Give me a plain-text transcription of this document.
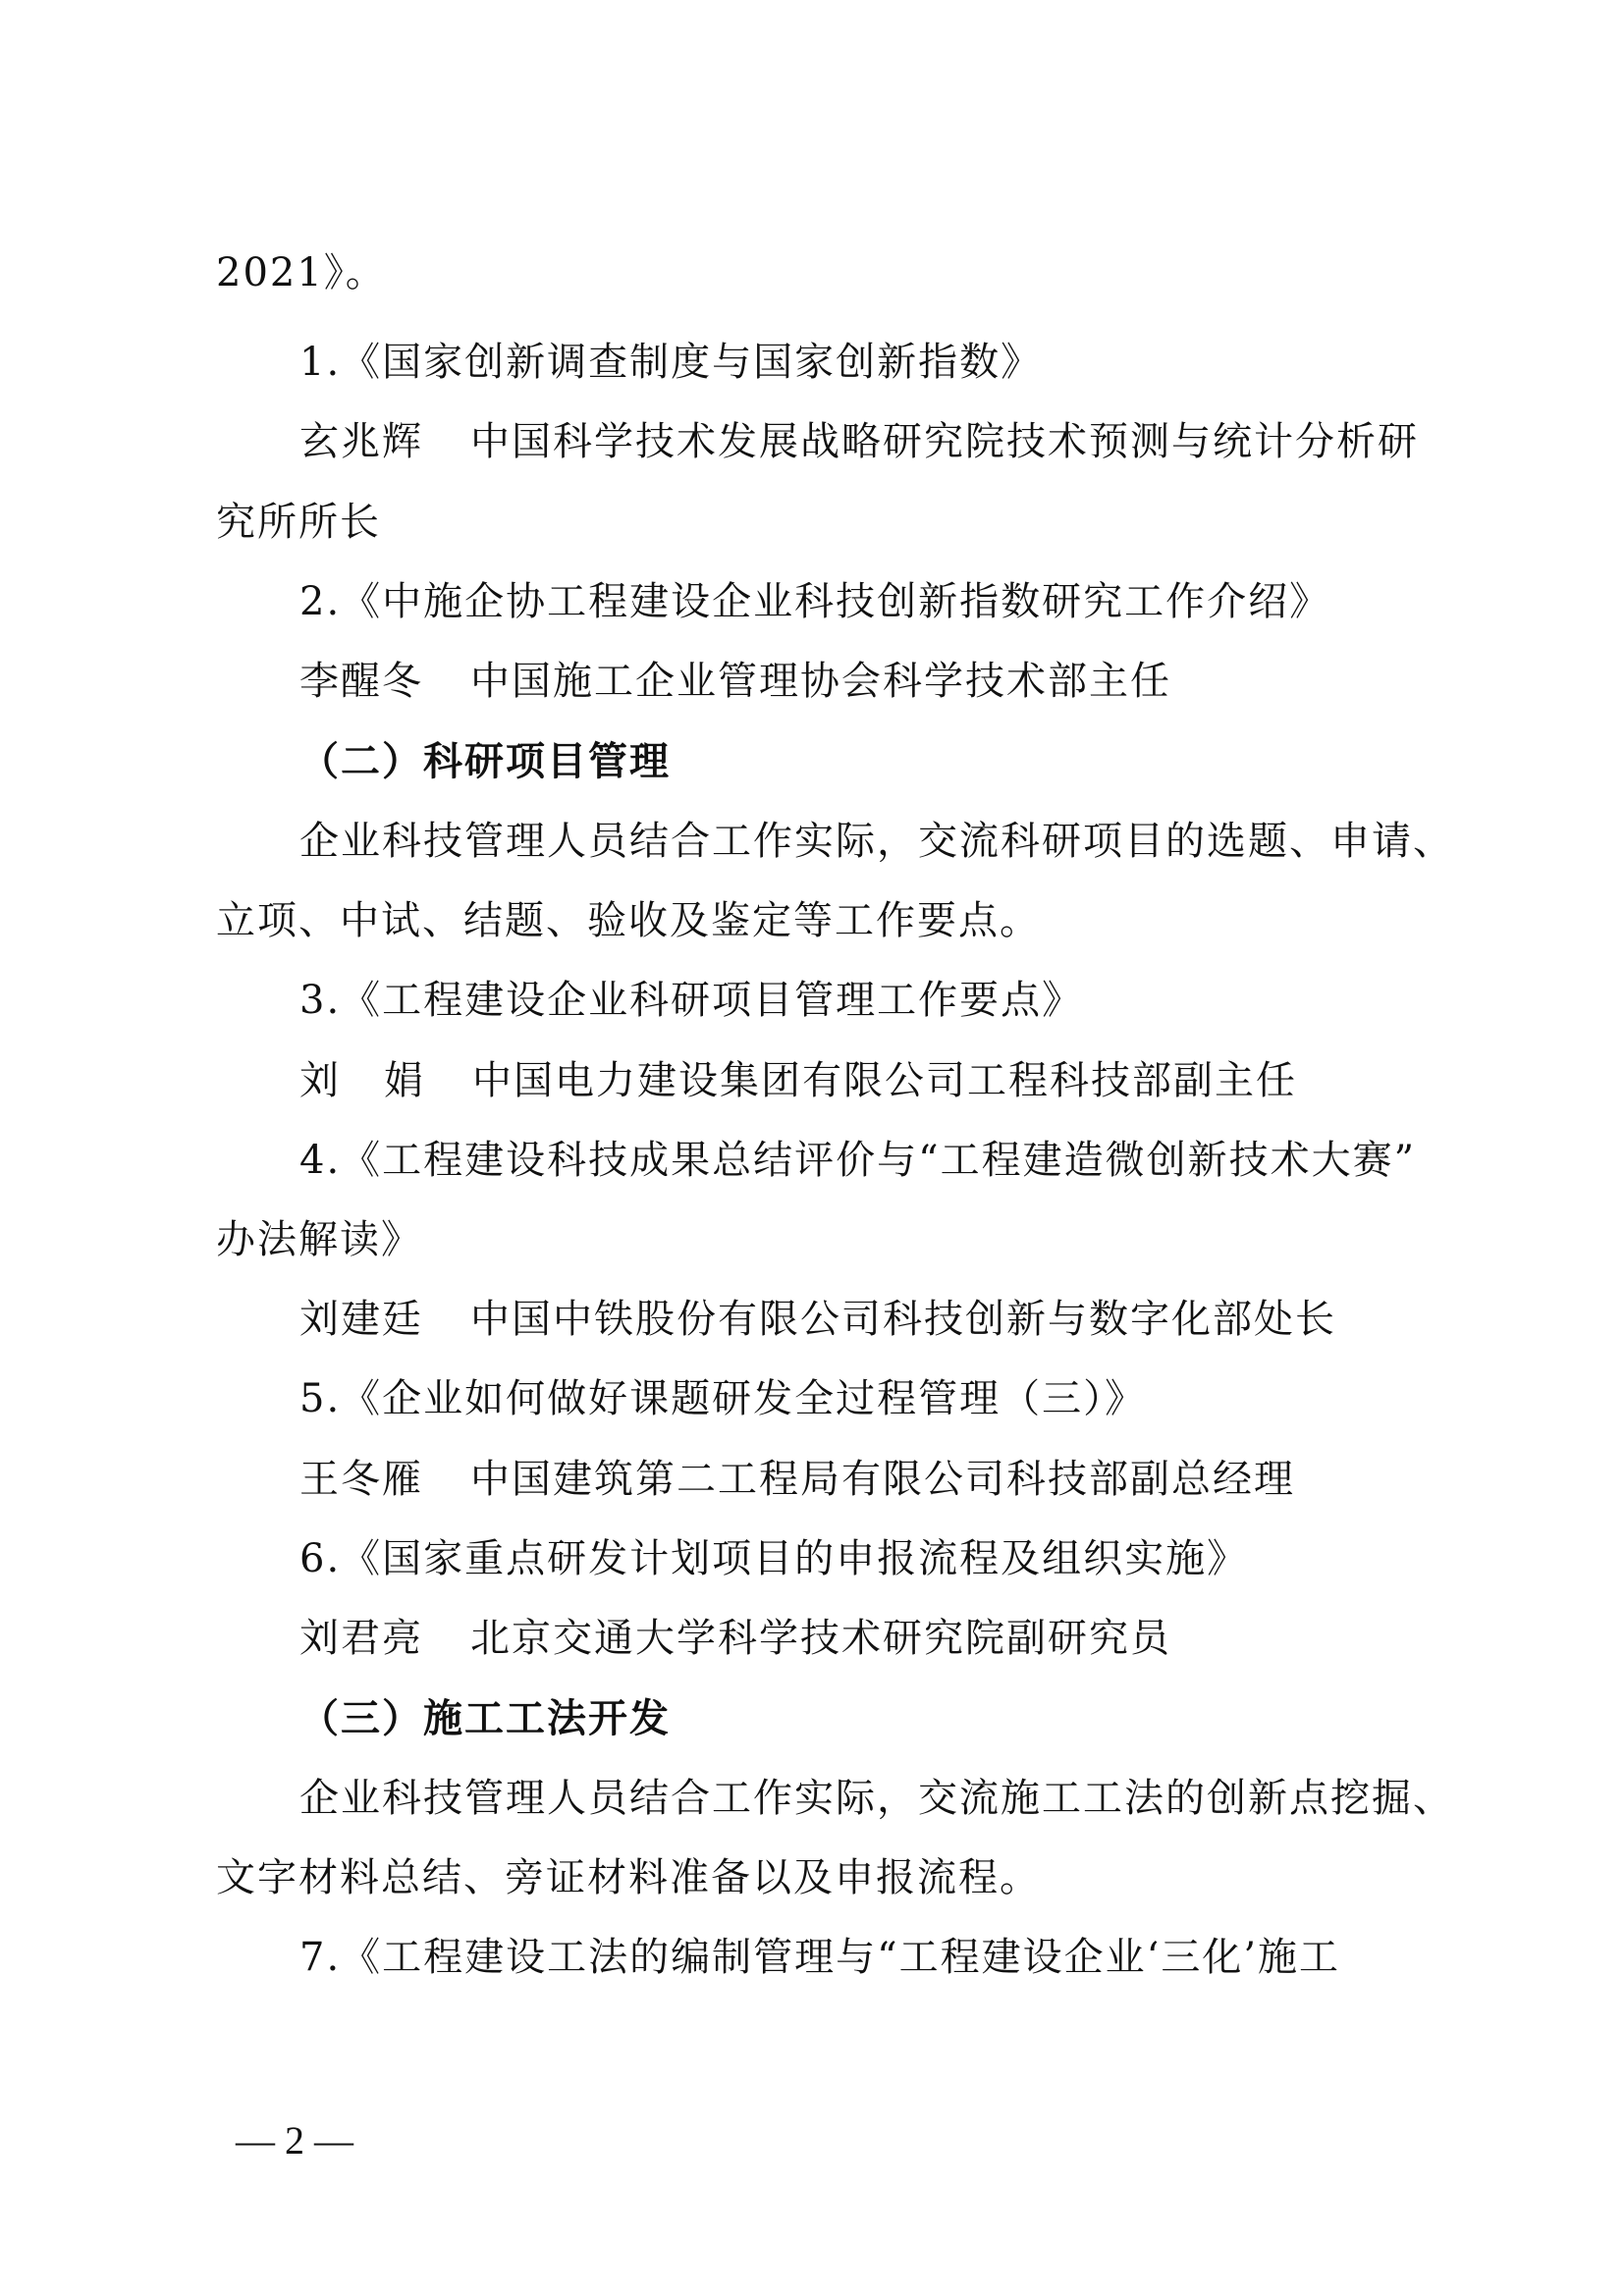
2021》。
1.《国家创新调查制度与国家创新指数》
玄兆辉 中国科学技术发展战略研究院技术预测与统计分析研
究所所长
2.《中施企协工程建设企业科技创新指数研究工作介绍》
李醒冬 中国施工企业管理协会科学技术部主任
（二）科研项目管理
企业科技管理人员结合工作实际，交流科研项目的选题、申请、
立项、中试、结题、验收及鉴定等工作要点。
3.《工程建设企业科研项目管理工作要点》
刘 娟 中国电力建设集团有限公司工程科技部副主任
4.《工程建设科技成果总结评价与“工程建造微创新技术大赛”
办法解读》
刘建廷 中国中铁股份有限公司科技创新与数字化部处长
5.《企业如何做好课题研发全过程管理（三）》
王冬雁 中国建筑第二工程局有限公司科技部副总经理
6.《国家重点研发计划项目的申报流程及组织实施》
刘君亮 北京交通大学科学技术研究院副研究员
（三）施工工法开发
企业科技管理人员结合工作实际，交流施工工法的创新点挖掘、
文字材料总结、旁证材料准备以及申报流程。
7.《工程建设工法的编制管理与“工程建设企业‘三化’施工
— 2 —
